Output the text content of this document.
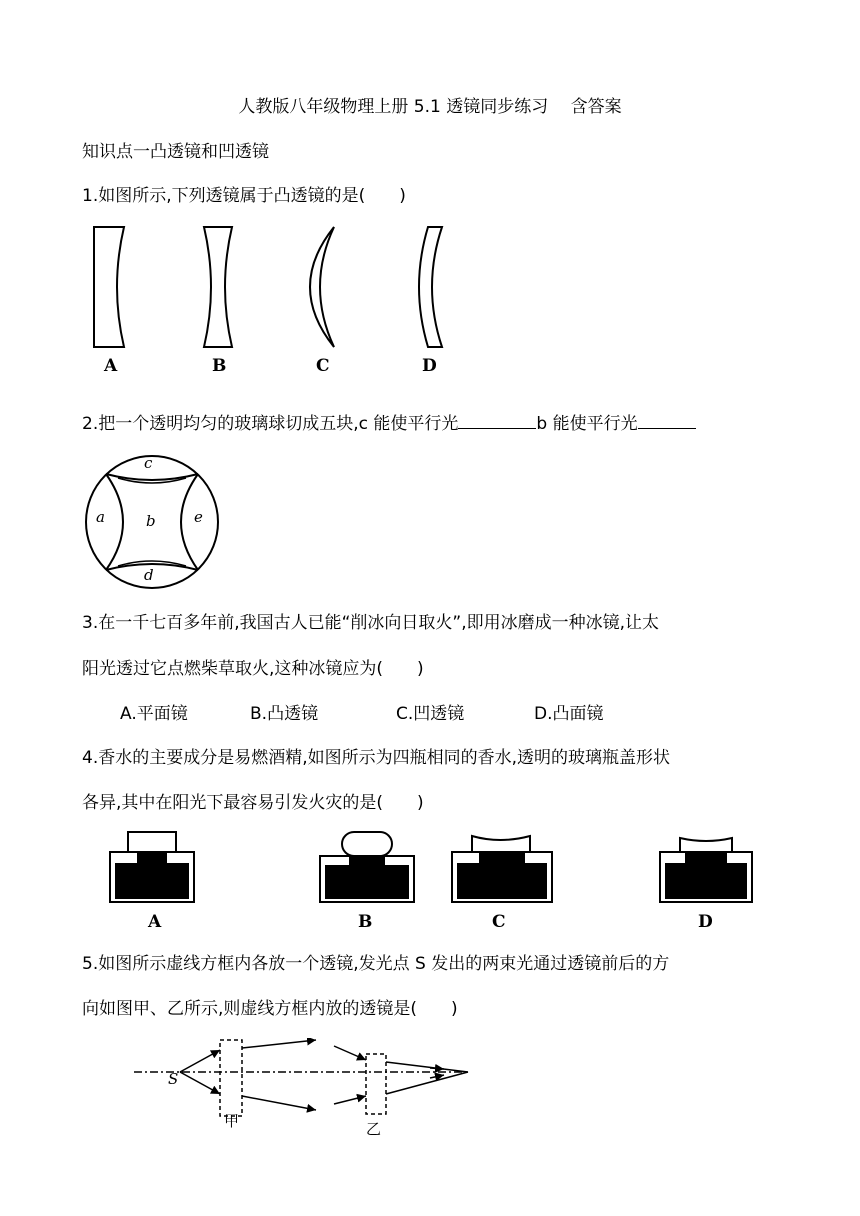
人教版八年级物理上册 5.1 透镜同步练习　 含答案
知识点一凸透镜和凹透镜
1.如图所示,下列透镜属于凸透镜的是(　　)
A	B	C	D
2.把一个透明均匀的玻璃球切成五块,c 能使平行光	b 能使平行光
c
a	b	e
d
3.在一千七百多年前,我国古人已能“削冰向日取火”,即用冰磨成一种冰镜,让太
阳光透过它点燃柴草取火,这种冰镜应为(　　)
A.平面镜	B.凸透镜	C.凹透镜	D.凸面镜
4.香水的主要成分是易燃酒精,如图所示为四瓶相同的香水,透明的玻璃瓶盖形状
各异,其中在阳光下最容易引发火灾的是(　　)
A	B	C	D
5.如图所示虚线方框内各放一个透镜,发光点 S 发出的两束光通过透镜前后的方
向如图甲、乙所示,则虚线方框内放的透镜是(　　)
S
甲	乙
